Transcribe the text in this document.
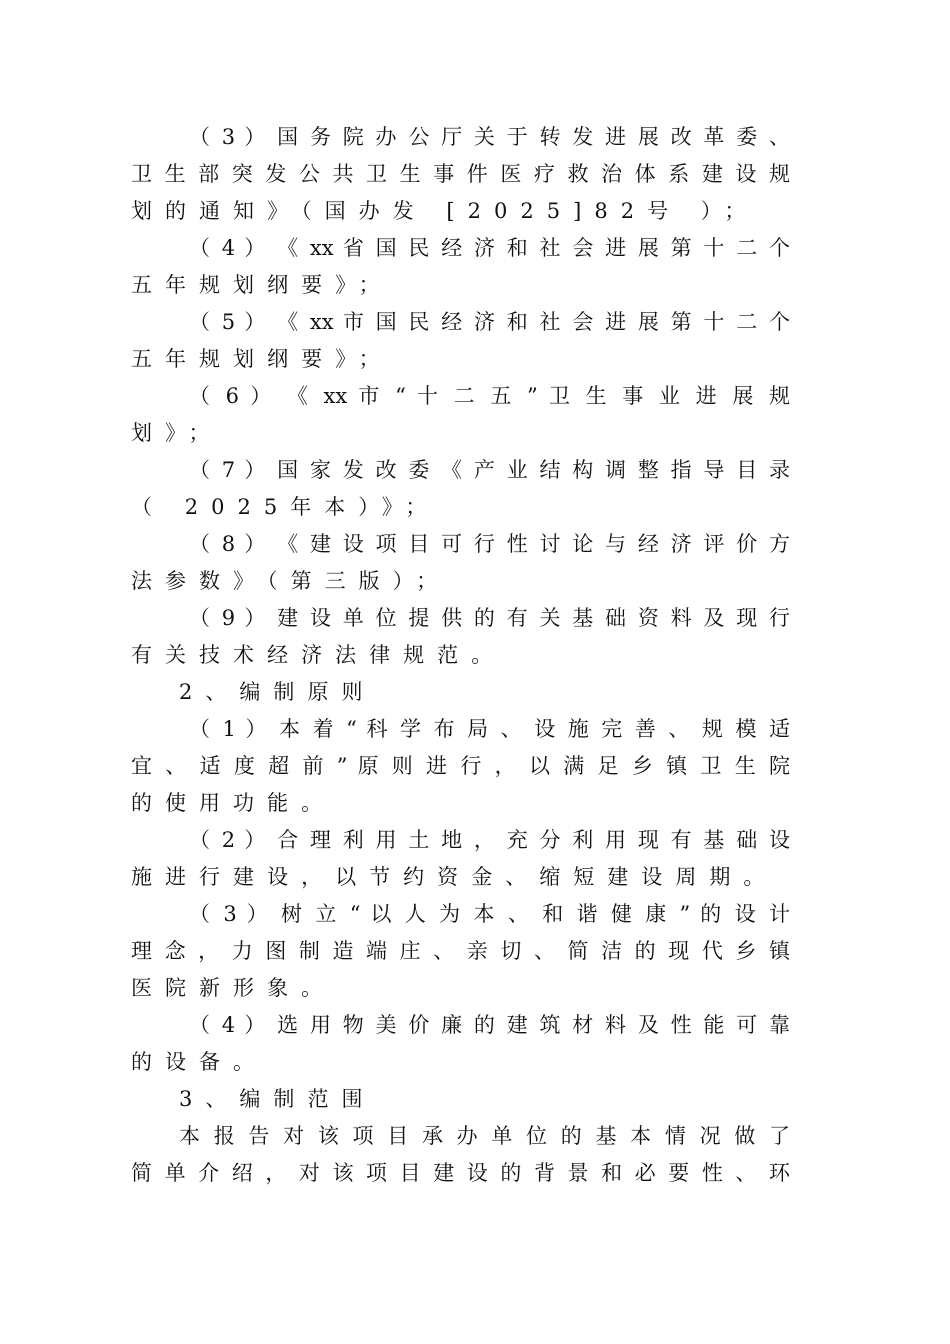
（ 3 ） 国 务 院 办 公 厅 关 于 转 发 进 展 改 革 委 、
卫 生 部 突 发 公 共 卫 生 事 件 医 疗 救 治 体 系 建 设 规
划的通知》（国办发 [2025]82号 ）；
（ 4 ） 《 xx 省 国 民 经 济 和 社 会 进 展 第 十 二 个
五年规划纲要》；
（ 5 ） 《 xx 市 国 民 经 济 和 社 会 进 展 第 十 二 个
五年规划纲要》；
（ 6 ） 《 xx 市 “ 十 二 五 ” 卫 生 事 业 进 展 规
划》；
（ 7 ） 国 家 发 改 委 《 产 业 结 构 调 整 指 导 目 录
（ 2025年本）》；
（ 8 ） 《 建 设 项 目 可 行 性 讨 论 与 经 济 评 价 方
法参数》（第三版）；
（ 9 ） 建 设 单 位 提 供 的 有 关 基 础 资 料 及 现 行
有关技术经济法律规范。
2、编制原则
（ 1 ） 本 着 “ 科 学 布 局 、 设 施 完 善 、 规 模 适
宜 、 适 度 超 前 ” 原 则 进 行 ， 以 满 足 乡 镇 卫 生 院
的使用功能。
（ 2 ） 合 理 利 用 土 地 ， 充 分 利 用 现 有 基 础 设
施进行建设，以节约资金、缩短建设周期。
（ 3 ） 树 立 “ 以 人 为 本 、 和 谐 健 康 ” 的 设 计
理 念 ， 力 图 制 造 端 庄 、 亲 切 、 简 洁 的 现 代 乡 镇
医院新形象。
（ 4 ） 选 用 物 美 价 廉 的 建 筑 材 料 及 性 能 可 靠
的设备。
3、编制范围
本 报 告 对 该 项 目 承 办 单 位 的 基 本 情 况 做 了
简 单 介 绍 ， 对 该 项 目 建 设 的 背 景 和 必 要 性 、 环
